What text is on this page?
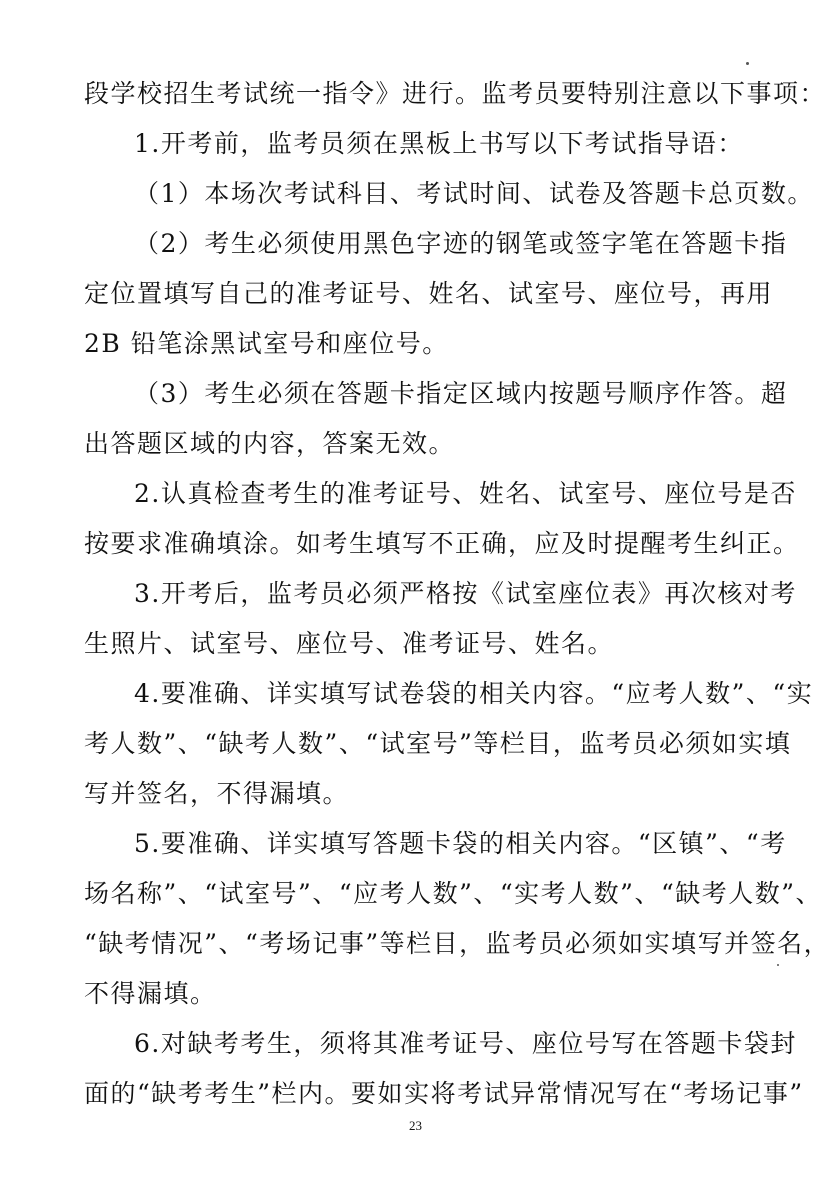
段学校招生考试统一指令》进行。监考员要特别注意以下事项：
1.开考前，监考员须在黑板上书写以下考试指导语：
（1）本场次考试科目、考试时间、试卷及答题卡总页数。
（2）考生必须使用黑色字迹的钢笔或签字笔在答题卡指
定位置填写自己的准考证号、姓名、试室号、座位号，再用
2B 铅笔涂黑试室号和座位号。
（3）考生必须在答题卡指定区域内按题号顺序作答。超
出答题区域的内容，答案无效。
2.认真检查考生的准考证号、姓名、试室号、座位号是否
按要求准确填涂。如考生填写不正确，应及时提醒考生纠正。
3.开考后，监考员必须严格按《试室座位表》再次核对考
生照片、试室号、座位号、准考证号、姓名。
4.要准确、详实填写试卷袋的相关内容。“应考人数”、“实
考人数”、“缺考人数”、“试室号”等栏目，监考员必须如实填
写并签名，不得漏填。
5.要准确、详实填写答题卡袋的相关内容。“区镇”、“考
场名称”、“试室号”、“应考人数”、“实考人数”、“缺考人数”、
“缺考情况”、“考场记事”等栏目，监考员必须如实填写并签名，
不得漏填。
6.对缺考考生，须将其准考证号、座位号写在答题卡袋封
面的“缺考考生”栏内。要如实将考试异常情况写在“考场记事”
23
